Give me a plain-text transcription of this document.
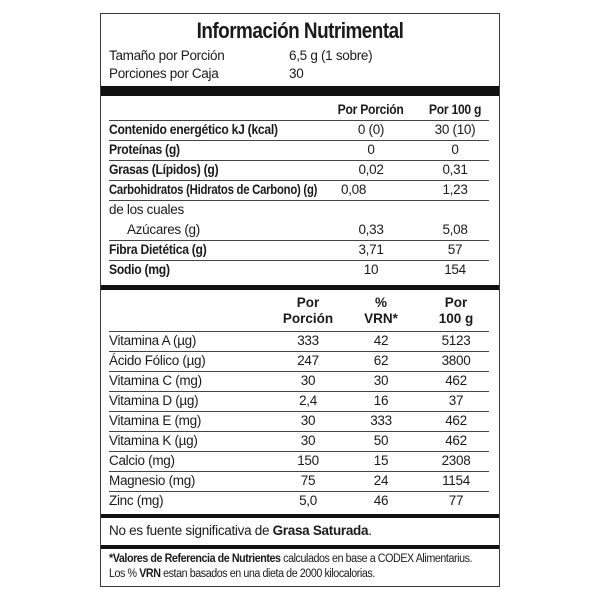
Información Nutrimental
Tamaño por Porción	6,5 g (1 sobre)
Porciones por Caja	30
Por Porción	Por 100 g
Contenido energético kJ (kcal)	0 (0)	30 (10)
Proteínas (g)	0	0
Grasas (Lípidos) (g)	0,02	0,31
Carbohidratos (Hidratos de Carbono) (g) 0,08	1,23
de los cuales
Azúcares (g)	0,33	5,08
Fibra Dietética (g)	3,71	57
Sodio (mg)	10	154
Por
Porción
%
VRN*
Por
100 g
Vitamina A (µg)	333	42	5123
Ácido Fólico (µg)	247	62	3800
Vitamina C (mg)	30	30	462
Vitamina D (µg)	2,4	16	37
Vitamina E (mg)	30	333	462
Vitamina K (µg)	30	50	462
Calcio (mg)	150	15	2308
Magnesio (mg)	75	24	1154
Zinc (mg)	5,0	46	77
No es fuente significativa de Grasa Saturada.
*Valores de Referencia de Nutrientes calculados en base a CODEX Alimentarius.
Los % VRN estan basados en una dieta de 2000 kilocalorias.
